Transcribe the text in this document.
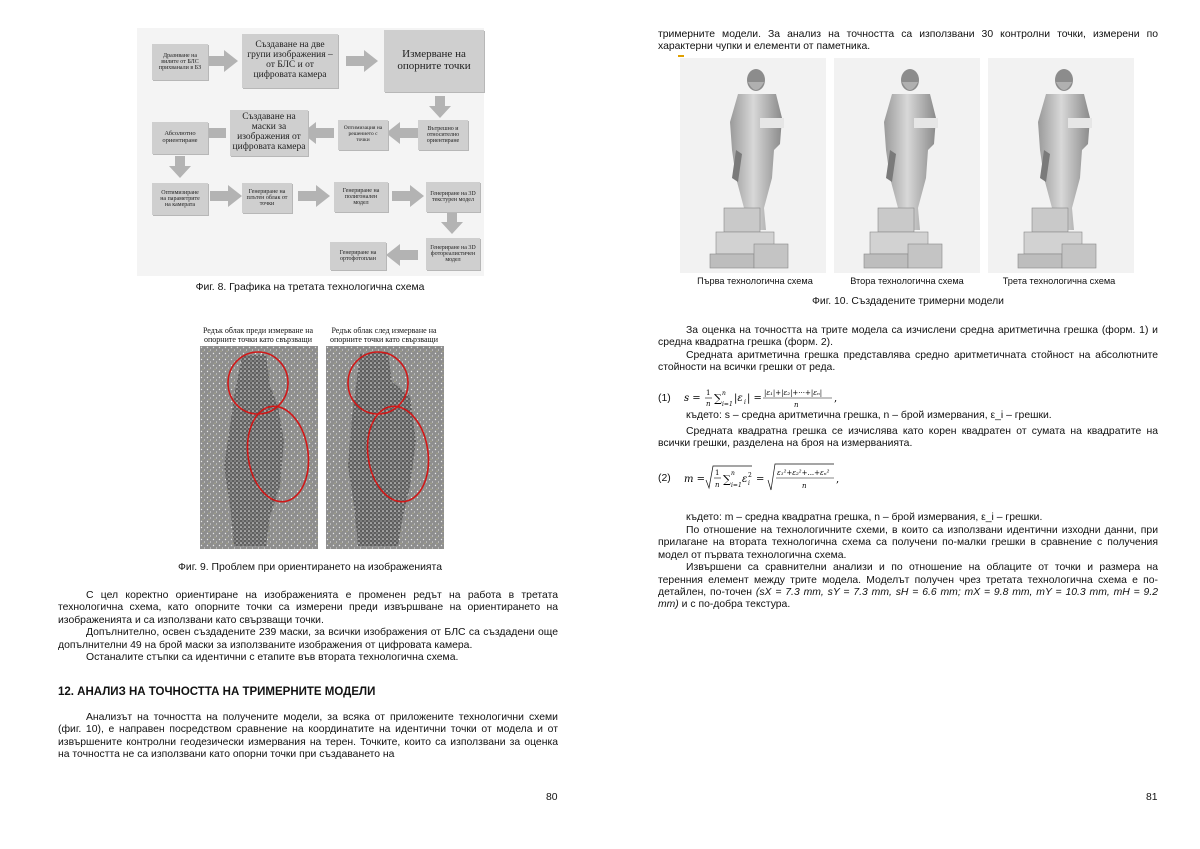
Дразнване на
вилите от БЛС
прихванали в БЗ
Създаване на две
групи изображения –
от БЛС и от
цифровата камера
Измерване на
опорните точки
Абсолютно
ориентиране
Създаване на
маски за
изображения от
цифровата камера
Оптимизация на
решението с
точки
Вътрешно и
относително
ориентиране
Оптимизиране
на параметрите
на камерата
Генериране на
плътен облак от
точки
Генериране на
полигонален
модел
Генериране на 3D
текстурен модел
Генериране на
ортофотоплан
Генериране на 3D
фотореалистичен
модел
Фиг. 8. Графика на третата технологична схема
Редък облак преди измерване на
опорните точки като свързващи
Редък облак след измерване на
опорните точки като свързващи
Фиг. 9. Проблем при ориентирането на изображенията

С цел коректно ориентиране на изображенията е променен редът на работа в третата технологична схема, като опорните точки са измерени преди извършване на ориентирането на изображенията и са използвани като свързващи точки.

Допълнително, освен създадените 239 маски, за всички изображения от БЛС са създадени още допълнителни 49 на брой маски за използваните изображения от цифровата камера.

Останалите стъпки са идентични с етапите във втората технологична схема.

12. АНАЛИЗ НА ТОЧНОСТТА НА ТРИМЕРНИТЕ МОДЕЛИ

Анализът на точността на получените модели, за всяка от приложените технологични схеми (фиг. 10), е направен посредством сравнение на координатите на идентични точки от модела и от извършените контролни геодезически измервания на терен. Точките, които са използвани за оценка на точността не са използвани като опорни точки при създаването на

80

тримерните модели. За анализ на точността са използвани 30 контролни точки, измерени по характерни чупки и елементи от паметника.

Първа технологична схема	Втора технологична схема	Трета технологична схема
Фиг. 10. Създадените тримерни модели

За оценка на точността на трите модела са изчислени средна аритметична грешка (форм. 1) и средна квадратна грешка (форм. 2).

Средната аритметична грешка представлява средно аритметичната стойност на абсолютните стойности на всички грешки от реда.

(1) s = 1
n ∑ n
i=1
|ε i | = |ε₁|+|ε₂|+···+|εₙ|
n
,
където: s – средна аритметична грешка, n – брой измервания, ε_i – грешки.

Средната квадратна грешка се изчислява като корен квадратен от сумата на квадратите на всички грешки, разделена на броя на измерванията.

(2) m =
1
n ∑ n
i=1
ε 2
i =
ε₁²+ε₂²+...+εₙ²
n
,
където: m – средна квадратна грешка, n – брой измервания, ε_i – грешки.

По отношение на технологичните схеми, в които са използвани идентични изходни данни, при прилагане на втората технологична схема са получени по-малки грешки в сравнение с получения модел от първата технологична схема.

Извършени са сравнителни анализи и по отношение на облаците от точки и размера на теренния елемент между трите модела. Моделът получен чрез третата технологична схема е по-детайлен, по-точен (sX = 7.3 mm, sY = 7.3 mm, sH = 6.6 mm; mX = 9.8 mm, mY = 10.3 mm, mH = 9.2 mm) и с по-добра текстура.

81
